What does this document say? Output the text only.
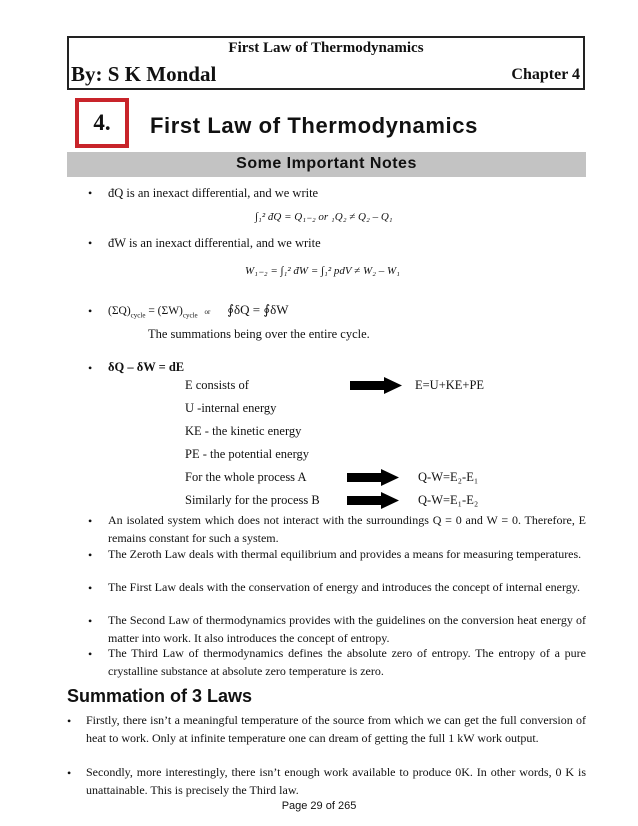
First Law of Thermodynamics
By: S K Mondal	Chapter 4
4.	First Law of Thermodynamics
Some Important Notes
• đQ is an inexact differential, and we write
∫₁² đQ = Q₁₋₂ or ₁Q₂ ≠ Q₂ – Q₁
• đW is an inexact differential, and we write
W₁₋₂ = ∫₁² đW = ∫₁² pdV ≠ W₂ – W₁
• $(\Sigma Q)_{cycle} = (\Sigma W)_{cycle}$ or ∮δQ = ∮δW
The summations being over the entire cycle.
• δQ – δW = dE
E consists of	E=U+KE+PE
U -internal energy
KE - the kinetic energy
PE - the potential energy
For the whole process A	Q-W=E₂-E₁
Similarly for the process B	Q-W=E₁-E₂
• An isolated system which does not interact with the surroundings Q = 0 and W = 0. Therefore, E remains constant for such a system.
• The Zeroth Law deals with thermal equilibrium and provides a means for measuring temperatures.
• The First Law deals with the conservation of energy and introduces the concept of internal energy.
• The Second Law of thermodynamics provides with the guidelines on the conversion heat energy of matter into work. It also introduces the concept of entropy.
• The Third Law of thermodynamics defines the absolute zero of entropy. The entropy of a pure crystalline substance at absolute zero temperature is zero.
Summation of 3 Laws
• Firstly, there isn’t a meaningful temperature of the source from which we can get the full conversion of heat to work. Only at infinite temperature one can dream of getting the full 1 kW work output.
• Secondly, more interestingly, there isn’t enough work available to produce 0K. In other words, 0 K is unattainable. This is precisely the Third law.
Page 29 of 265
